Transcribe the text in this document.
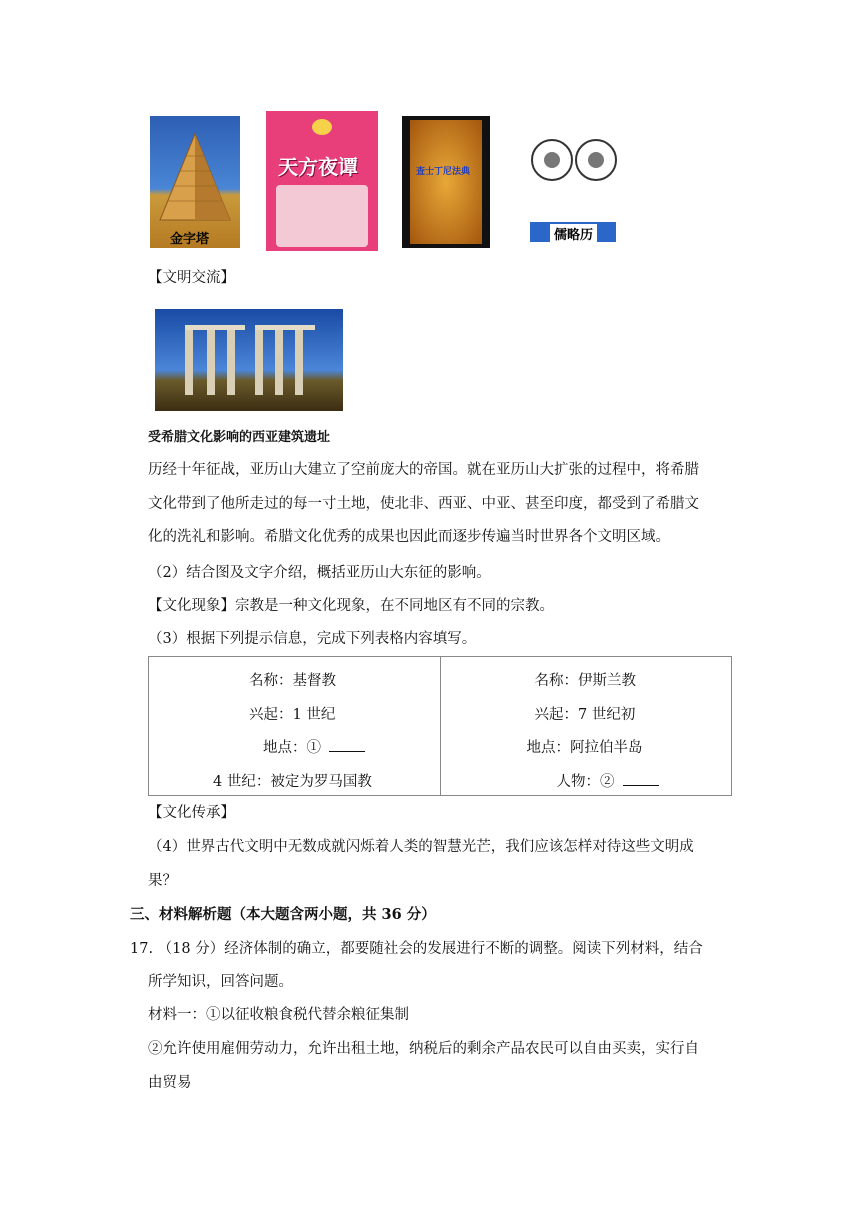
金字塔
天方夜谭	查士丁尼法典
儒略历
【文明交流】
受希腊文化影响的西亚建筑遗址
历经十年征战，亚历山大建立了空前庞大的帝国。就在亚历山大扩张的过程中，将希腊
文化带到了他所走过的每一寸土地，使北非、西亚、中亚、甚至印度，都受到了希腊文
化的洗礼和影响。希腊文化优秀的成果也因此而逐步传遍当时世界各个文明区域。
（2）结合图及文字介绍，概括亚历山大东征的影响。
【文化现象】宗教是一种文化现象，在不同地区有不同的宗教。
（3）根据下列提示信息，完成下列表格内容填写。
名称：基督教
兴起：1 世纪
地点：①
4 世纪：被定为罗马国教

名称：伊斯兰教
兴起：7 世纪初
地点：阿拉伯半岛
人物：②
【文化传承】
（4）世界古代文明中无数成就闪烁着人类的智慧光芒，我们应该怎样对待这些文明成
果？
三、材料解析题（本大题含两小题，共 36 分）
17. （18 分）经济体制的确立，都要随社会的发展进行不断的调整。阅读下列材料，结合
所学知识，回答问题。
材料一：①以征收粮食税代替余粮征集制
②允许使用雇佣劳动力，允许出租土地，纳税后的剩余产品农民可以自由买卖，实行自
由贸易
